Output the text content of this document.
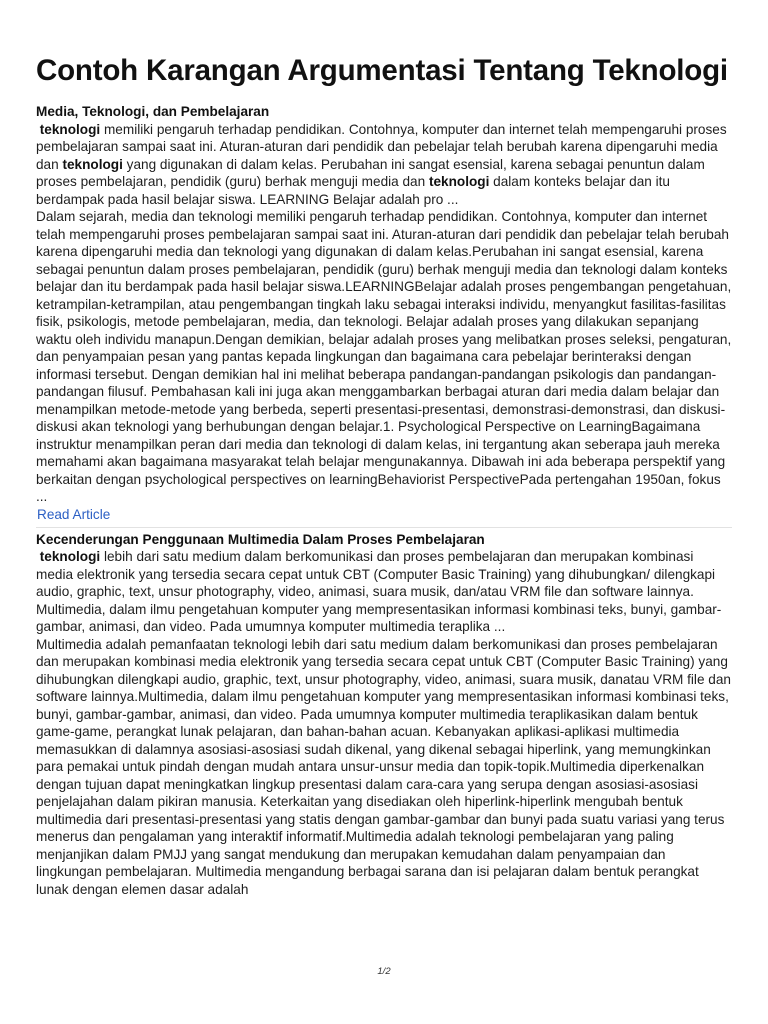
Contoh Karangan Argumentasi Tentang Teknologi
Media, Teknologi, dan Pembelajaran

teknologi memiliki pengaruh terhadap pendidikan. Contohnya, komputer dan internet telah mempengaruhi proses pembelajaran sampai saat ini. Aturan-aturan dari pendidik dan pebelajar telah berubah karena dipengaruhi media dan teknologi yang digunakan di dalam kelas. Perubahan ini sangat esensial, karena sebagai penuntun dalam proses pembelajaran, pendidik (guru) berhak menguji media dan teknologi dalam konteks belajar dan itu berdampak pada hasil belajar siswa. LEARNING Belajar adalah pro ...

Dalam sejarah, media dan teknologi memiliki pengaruh terhadap pendidikan. Contohnya, komputer dan internet telah mempengaruhi proses pembelajaran sampai saat ini. Aturan-aturan dari pendidik dan pebelajar telah berubah karena dipengaruhi media dan teknologi yang digunakan di dalam kelas.Perubahan ini sangat esensial, karena sebagai penuntun dalam proses pembelajaran, pendidik (guru) berhak menguji media dan teknologi dalam konteks belajar dan itu berdampak pada hasil belajar siswa.LEARNINGBelajar adalah proses pengembangan pengetahuan, ketrampilan-ketrampilan, atau pengembangan tingkah laku sebagai interaksi individu, menyangkut fasilitas-fasilitas fisik, psikologis, metode pembelajaran, media, dan teknologi. Belajar adalah proses yang dilakukan sepanjang waktu oleh individu manapun.Dengan demikian, belajar adalah proses yang melibatkan proses seleksi, pengaturan, dan penyampaian pesan yang pantas kepada lingkungan dan bagaimana cara pebelajar berinteraksi dengan informasi tersebut. Dengan demikian hal ini melihat beberapa pandangan-pandangan psikologis dan pandangan-pandangan filusuf. Pembahasan kali ini juga akan menggambarkan berbagai aturan dari media dalam belajar dan menampilkan metode-metode yang berbeda, seperti presentasi-presentasi, demonstrasi-demonstrasi, dan diskusi-diskusi akan teknologi yang berhubungan dengan belajar.1. Psychological Perspective on LearningBagaimana instruktur menampilkan peran dari media dan teknologi di dalam kelas, ini tergantung akan seberapa jauh mereka memahami akan bagaimana masyarakat telah belajar mengunakannya. Dibawah ini ada beberapa perspektif yang berkaitan dengan psychological perspectives on learningBehaviorist PerspectivePada pertengahan 1950an, fokus ...

Read Article
Kecenderungan Penggunaan Multimedia Dalam Proses Pembelajaran

teknologi lebih dari satu medium dalam berkomunikasi dan proses pembelajaran dan merupakan kombinasi media elektronik yang tersedia secara cepat untuk CBT (Computer Basic Training) yang dihubungkan/ dilengkapi audio, graphic, text, unsur photography, video, animasi, suara musik, dan/atau VRM file dan software lainnya. Multimedia, dalam ilmu pengetahuan komputer yang mempresentasikan informasi kombinasi teks, bunyi, gambar-gambar, animasi, dan video. Pada umumnya komputer multimedia teraplika ...

Multimedia adalah pemanfaatan teknologi lebih dari satu medium dalam berkomunikasi dan proses pembelajaran dan merupakan kombinasi media elektronik yang tersedia secara cepat untuk CBT (Computer Basic Training) yang dihubungkan dilengkapi audio, graphic, text, unsur photography, video, animasi, suara musik, danatau VRM file dan software lainnya.Multimedia, dalam ilmu pengetahuan komputer yang mempresentasikan informasi kombinasi teks, bunyi, gambar-gambar, animasi, dan video. Pada umumnya komputer multimedia teraplikasikan dalam bentuk game-game, perangkat lunak pelajaran, dan bahan-bahan acuan. Kebanyakan aplikasi-aplikasi multimedia memasukkan di dalamnya asosiasi-asosiasi sudah dikenal, yang dikenal sebagai hiperlink, yang memungkinkan para pemakai untuk pindah dengan mudah antara unsur-unsur media dan topik-topik.Multimedia diperkenalkan dengan tujuan dapat meningkatkan lingkup presentasi dalam cara-cara yang serupa dengan asosiasi-asosiasi penjelajahan dalam pikiran manusia. Keterkaitan yang disediakan oleh hiperlink-hiperlink mengubah bentuk multimedia dari presentasi-presentasi yang statis dengan gambar-gambar dan bunyi pada suatu variasi yang terus menerus dan pengalaman yang interaktif informatif.Multimedia adalah teknologi pembelajaran yang paling menjanjikan dalam PMJJ yang sangat mendukung dan merupakan kemudahan dalam penyampaian dan lingkungan pembelajaran. Multimedia mengandung berbagai sarana dan isi pelajaran dalam bentuk perangkat lunak dengan elemen dasar adalah

1/2
